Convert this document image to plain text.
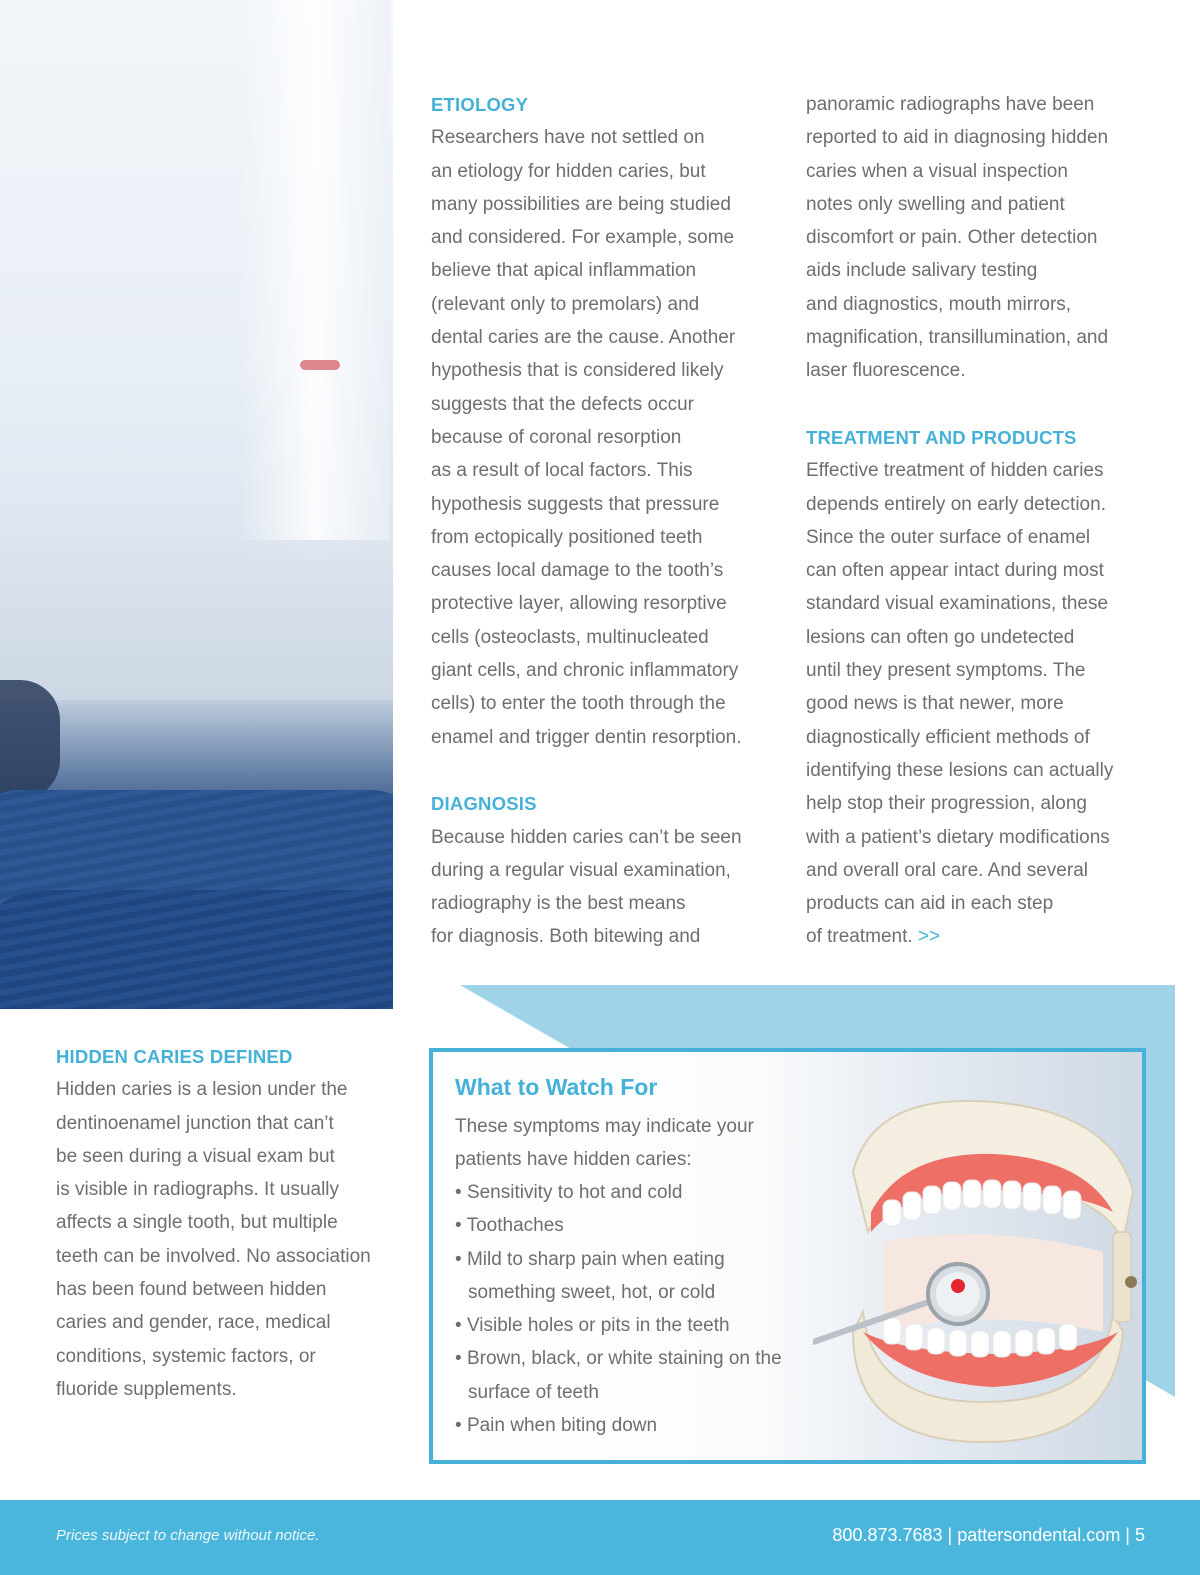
ETIOLOGY

Researchers have not settled on
an etiology for hidden caries, but
many possibilities are being studied
and considered. For example, some
believe that apical inflammation
(relevant only to premolars) and
dental caries are the cause. Another
hypothesis that is considered likely
suggests that the defects occur
because of coronal resorption
as a result of local factors. This
hypothesis suggests that pressure
from ectopically positioned teeth
causes local damage to the tooth’s
protective layer, allowing resorptive
cells (osteoclasts, multinucleated
giant cells, and chronic inflammatory
cells) to enter the tooth through the
enamel and trigger dentin resorption.

DIAGNOSIS

Because hidden caries can’t be seen
during a regular visual examination,
radiography is the best means
for diagnosis. Both bitewing and

panoramic radiographs have been
reported to aid in diagnosing hidden
caries when a visual inspection
notes only swelling and patient
discomfort or pain. Other detection
aids include salivary testing
and diagnostics, mouth mirrors,
magnification, transillumination, and
laser fluorescence.

TREATMENT AND PRODUCTS

Effective treatment of hidden caries
depends entirely on early detection.
Since the outer surface of enamel
can often appear intact during most
standard visual examinations, these
lesions can often go undetected
until they present symptoms. The
good news is that newer, more
diagnostically efficient methods of
identifying these lesions can actually
help stop their progression, along
with a patient’s dietary modifications
and overall oral care. And several
products can aid in each step
of treatment. >>

HIDDEN CARIES DEFINED

Hidden caries is a lesion under the
dentinoenamel junction that can’t
be seen during a visual exam but
is visible in radiographs. It usually
affects a single tooth, but multiple
teeth can be involved. No association
has been found between hidden
caries and gender, race, medical
conditions, systemic factors, or
fluoride supplements.

What to Watch For
These symptoms may indicate your
patients have hidden caries:
• Sensitivity to hot and cold
• Toothaches
• Mild to sharp pain when eating something sweet, hot, or cold
• Visible holes or pits in the teeth
• Brown, black, or white staining on the surface of teeth
• Pain when biting down
Prices subject to change without notice.	800.873.7683 | pattersondental.com | 5
